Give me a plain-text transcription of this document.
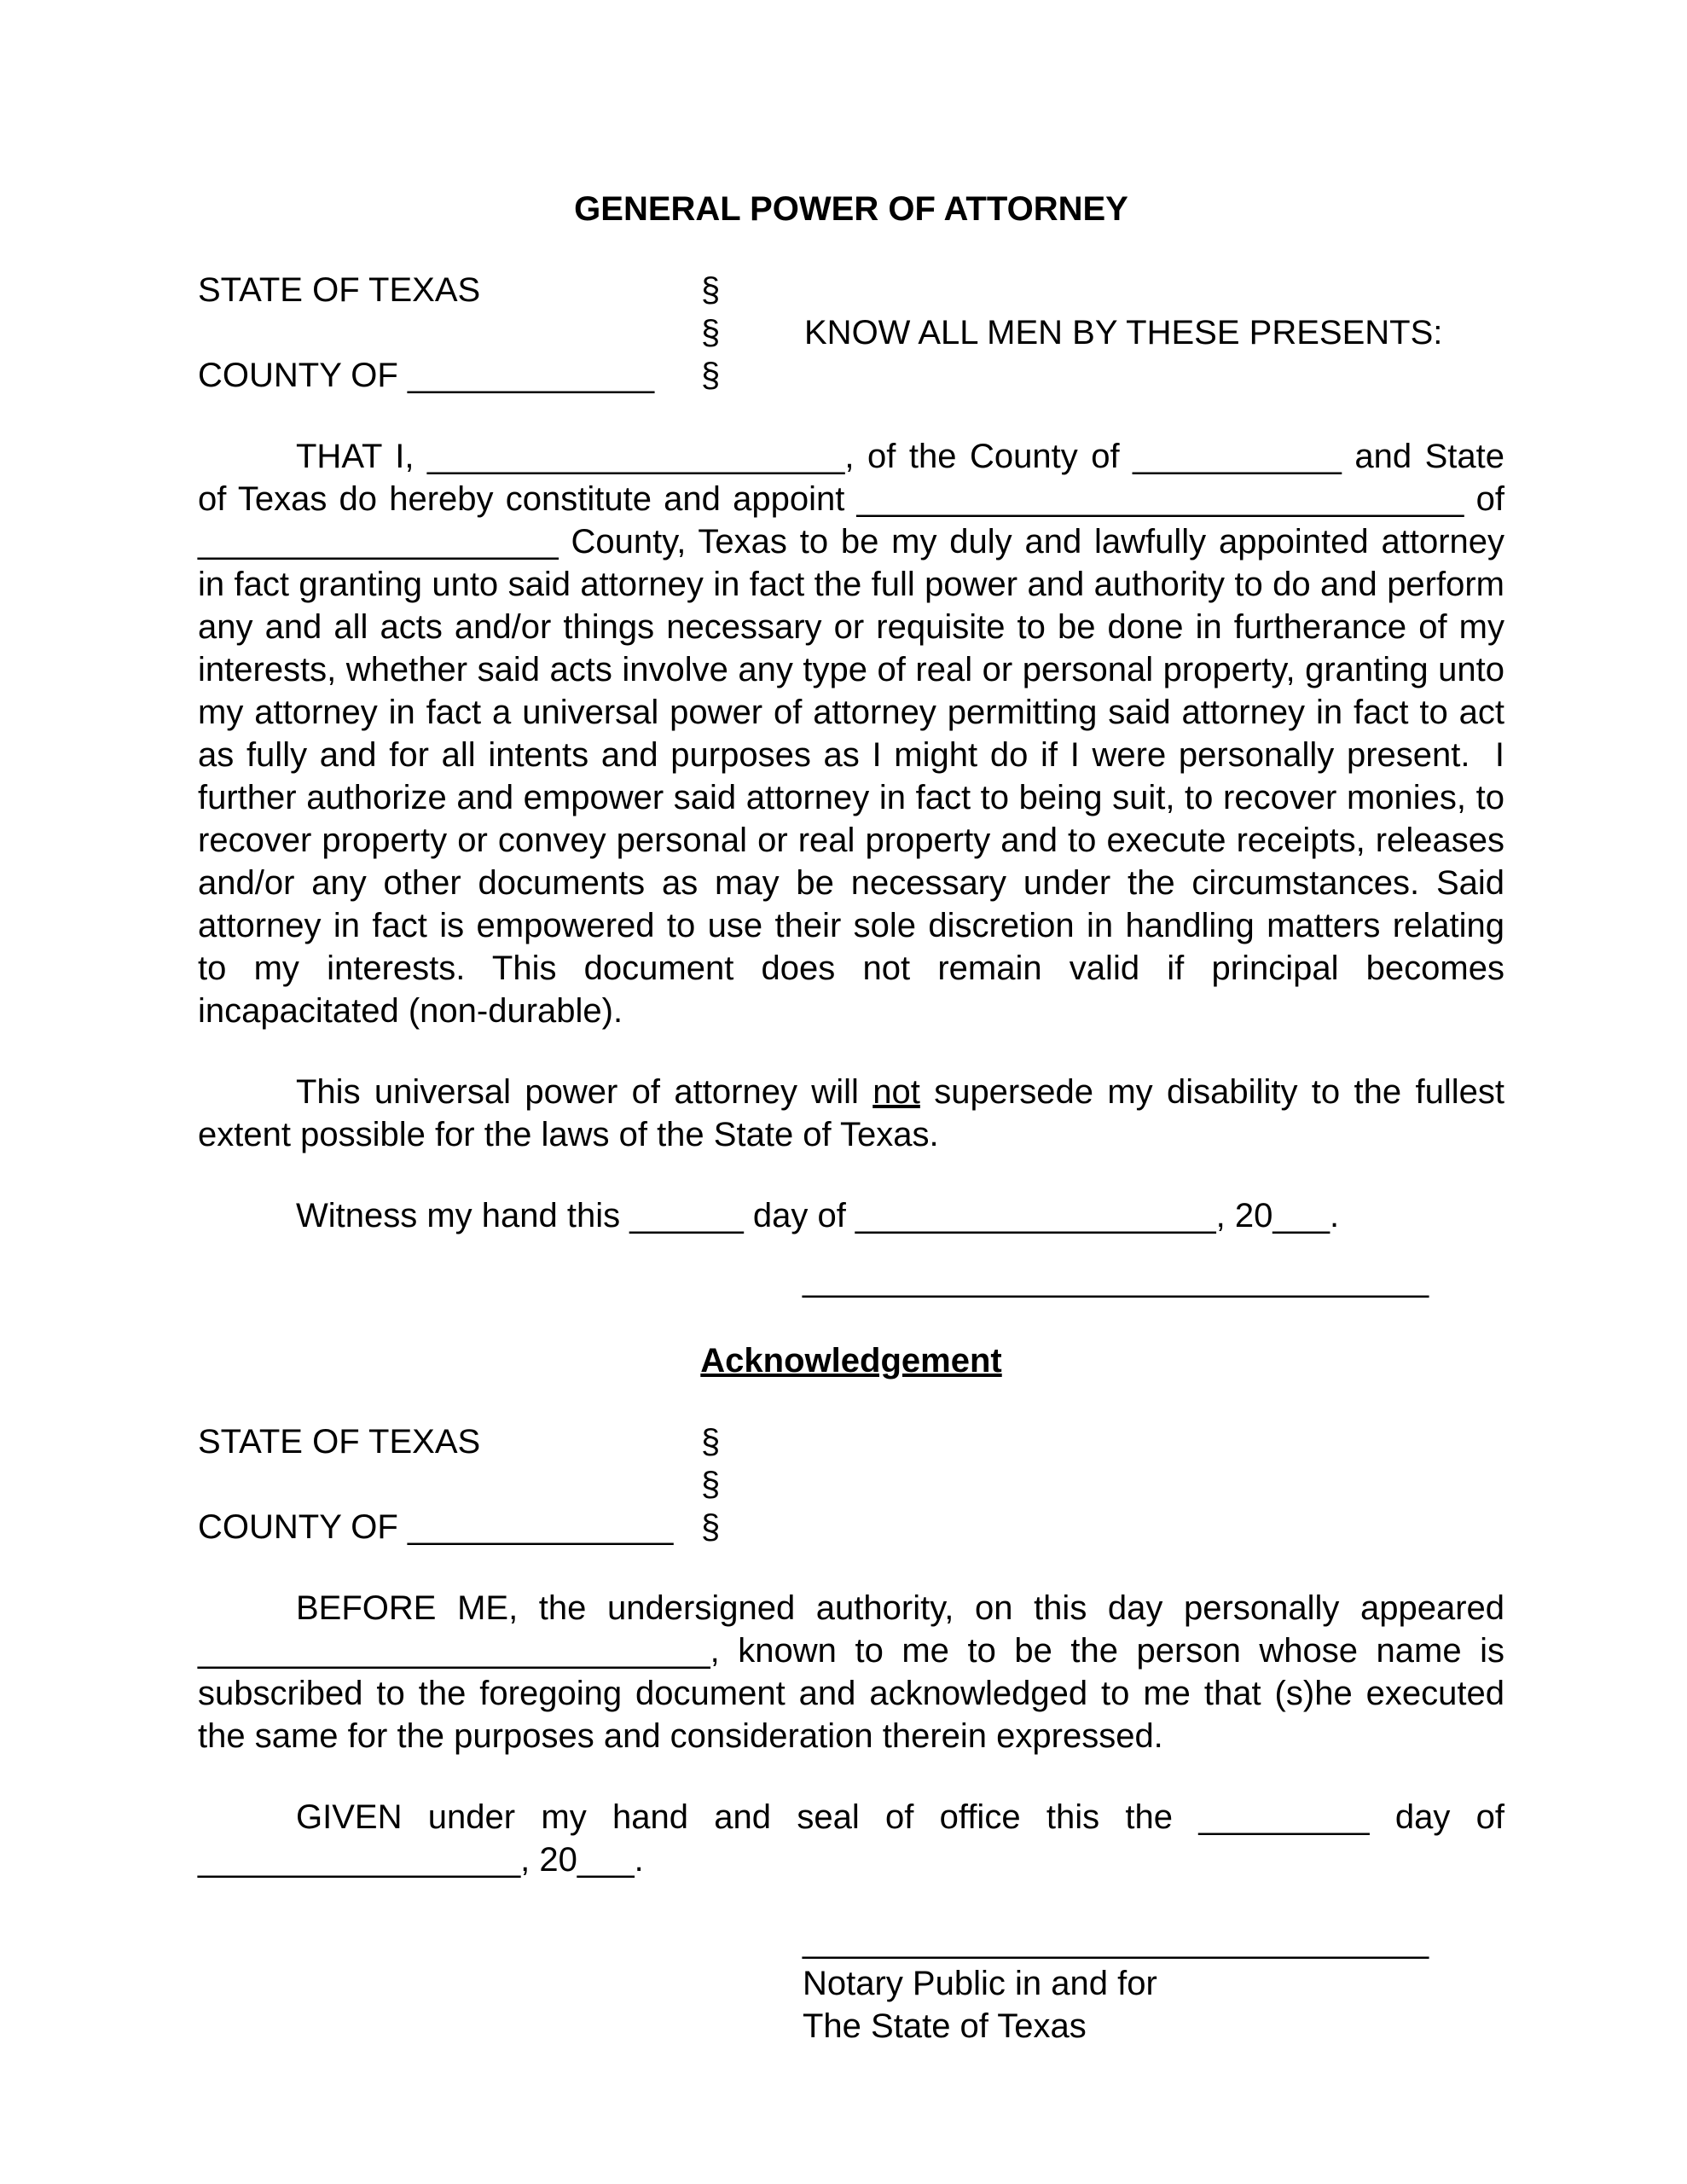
GENERAL POWER OF ATTORNEY
STATE OF TEXAS	§
§	KNOW ALL MEN BY THESE PRESENTS:
COUNTY OF _____________	§
THAT I, ______________________, of the County of ___________ and State of Texas do hereby constitute and appoint ________________________________ of ___________________ County, Texas to be my duly and lawfully appointed attorney in fact granting unto said attorney in fact the full power and authority to do and perform any and all acts and/or things necessary or requisite to be done in furtherance of my interests, whether said acts involve any type of real or personal property, granting unto my attorney in fact a universal power of attorney permitting said attorney in fact to act as fully and for all intents and purposes as I might do if I were personally present.  I further authorize and empower said attorney in fact to being suit, to recover monies, to recover property or convey personal or real property and to execute receipts, releases and/or any other documents as may be necessary under the circumstances. Said attorney in fact is empowered to use their sole discretion in handling matters relating to my interests. This document does not remain valid if principal becomes incapacitated (non-durable).
This universal power of attorney will not supersede my disability to the fullest extent possible for the laws of the State of Texas.
Witness my hand this ______ day of ___________________, 20___.
_________________________________
Acknowledgement
STATE OF TEXAS	§
§
COUNTY OF ______________ §
BEFORE ME, the undersigned authority, on this day personally appeared ___________________________, known to me to be the person whose name is subscribed to the foregoing document and acknowledged to me that (s)he executed the same for the purposes and consideration therein expressed.
GIVEN under my hand and seal of office this the _________ day of _________________, 20___.
_________________________________
Notary Public in and for
The State of Texas
